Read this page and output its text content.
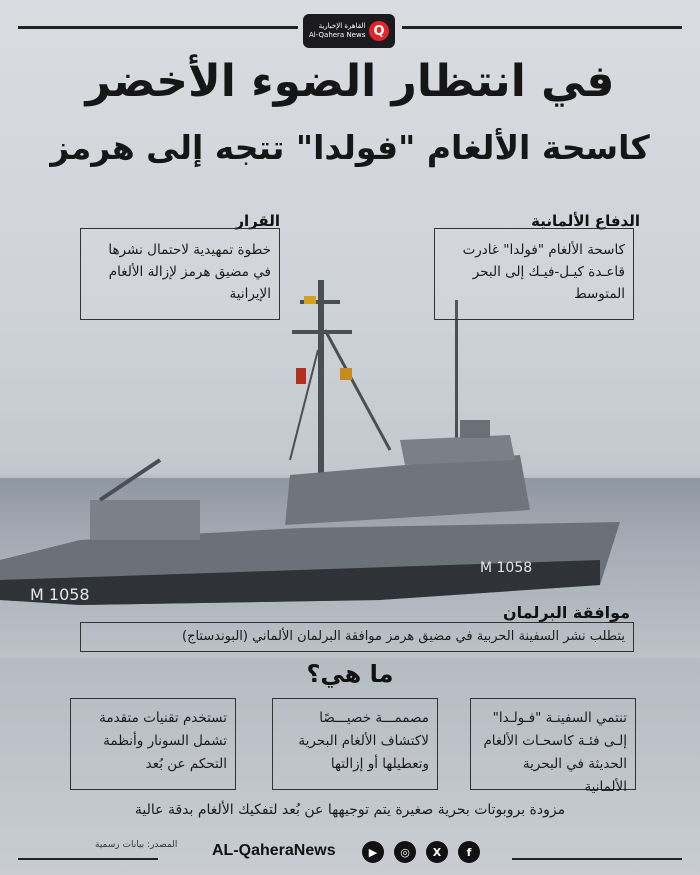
M 1058
M 1058
القاهرة الإخبارية
Al-Qahera News Q
في انتظار الضوء الأخضر
كاسحة الألغام "فولدا" تتجه إلى هرمز
القرار
خطوة تمهيدية لاحتمال نشرها في مضيق هرمز لإزالة الألغام الإيرانية
الدفاع الألمانية
كاسحة الألغام "فولدا" غادرت قاعـدة كيـل-فيـك إلى البحر المتوسط
موافقة البرلمان
يتطلب نشر السفينة الحربية في مضيق هرمز موافقة البرلمان الألماني (البوندستاج)
ما هي؟
تنتمي السفينـة "فـولـدا" إلـى فئـة كاسحـات الألغام الحديثة في البحرية الألمانية
مصممـــة خصيـــصًا لاكتشاف الألغام البحرية وتعطيلها أو إزالتها
تستخدم تقنيات متقدمة تشمل السونار وأنظمة التحكم عن بُعد
مزودة بروبوتات بحرية صغيرة يتم توجيهها عن بُعد لتفكيك الألغام بدقة عالية
المصدر: بيانات رسمية AL-QaheraNews	▶	◎	X	f
